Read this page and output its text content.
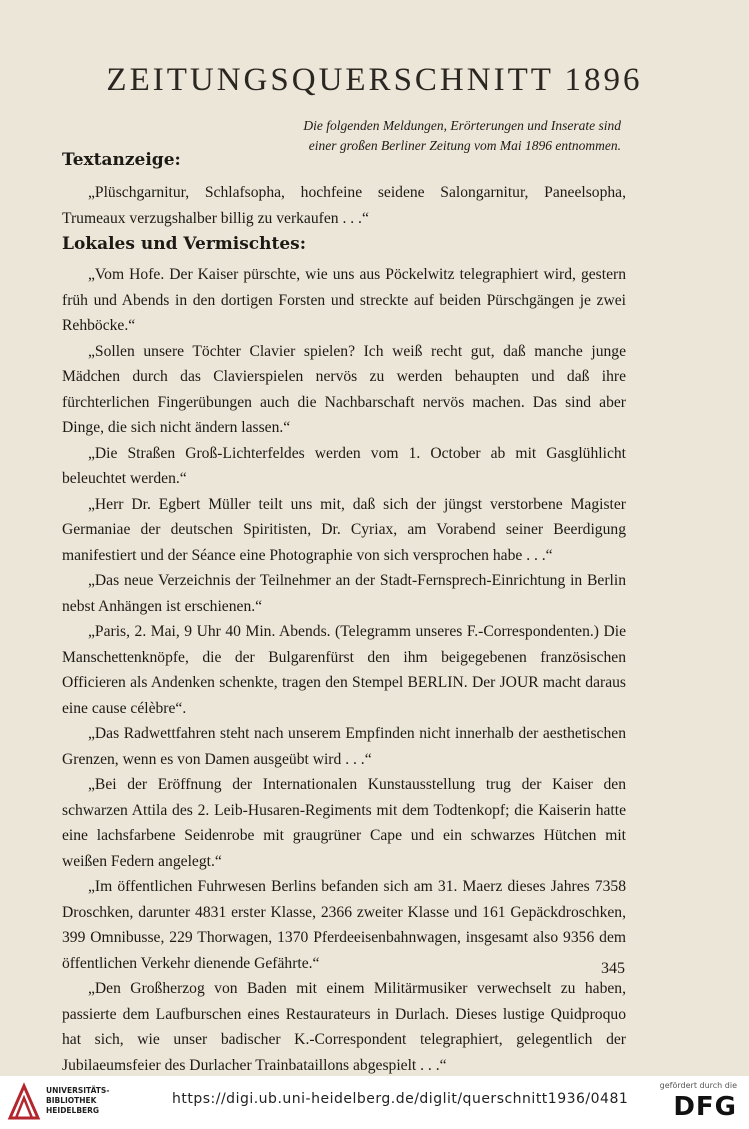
ZEITUNGSQUERSCHNITT 1896
Die folgenden Meldungen, Erörterungen und Inserate sind
einer großen Berliner Zeitung vom Mai 1896 entnommen.
Textanzeige:

„Plüschgarnitur, Schlafsopha, hochfeine seidene Salongarnitur, Paneelsopha, Trumeaux verzugshalber billig zu verkaufen . . .“

Lokales und Vermischtes:

„Vom Hofe. Der Kaiser pürschte, wie uns aus Pöckelwitz telegraphiert wird, gestern früh und Abends in den dortigen Forsten und streckte auf beiden Pürschgängen je zwei Rehböcke.“

„Sollen unsere Töchter Clavier spielen? Ich weiß recht gut, daß manche junge Mädchen durch das Clavierspielen nervös zu werden behaupten und daß ihre fürchterlichen Fingerübungen auch die Nachbarschaft nervös machen. Das sind aber Dinge, die sich nicht ändern lassen.“

„Die Straßen Groß-Lichterfeldes werden vom 1. October ab mit Gasglühlicht beleuchtet werden.“

„Herr Dr. Egbert Müller teilt uns mit, daß sich der jüngst verstorbene Magister Germaniae der deutschen Spiritisten, Dr. Cyriax, am Vorabend seiner Beerdigung manifestiert und der Séance eine Photographie von sich versprochen habe . . .“

„Das neue Verzeichnis der Teilnehmer an der Stadt-Fernsprech-Einrichtung in Berlin nebst Anhängen ist erschienen.“

„Paris, 2. Mai, 9 Uhr 40 Min. Abends. (Telegramm unseres F.-Correspondenten.) Die Manschettenknöpfe, die der Bulgarenfürst den ihm beigegebenen französischen Officieren als Andenken schenkte, tragen den Stempel BERLIN. Der JOUR macht daraus eine cause célèbre“.

„Das Radwettfahren steht nach unserem Empfinden nicht innerhalb der aesthetischen Grenzen, wenn es von Damen ausgeübt wird . . .“

„Bei der Eröffnung der Internationalen Kunstausstellung trug der Kaiser den schwarzen Attila des 2. Leib-Husaren-Regiments mit dem Todtenkopf; die Kaiserin hatte eine lachsfarbene Seidenrobe mit graugrüner Cape und ein schwarzes Hütchen mit weißen Federn angelegt.“

„Im öffentlichen Fuhrwesen Berlins befanden sich am 31. Maerz dieses Jahres 7358 Droschken, darunter 4831 erster Klasse, 2366 zweiter Klasse und 161 Gepäckdroschken, 399 Omnibusse, 229 Thorwagen, 1370 Pferdeeisenbahnwagen, insgesamt also 9356 dem öffentlichen Verkehr dienende Gefährte.“

„Den Großherzog von Baden mit einem Militärmusiker verwechselt zu haben, passierte dem Laufburschen eines Restaurateurs in Durlach. Dieses lustige Quidproquo hat sich, wie unser badischer K.-Correspondent telegraphiert, gelegentlich der Jubilaeumsfeier des Durlacher Trainbataillons abgespielt . . .“

345
UNIVERSITÄTS-
BIBLIOTHEK
HEIDELBERG
https://digi.ub.uni-heidelberg.de/diglit/querschnitt1936/0481
gefördert durch die
DFG
